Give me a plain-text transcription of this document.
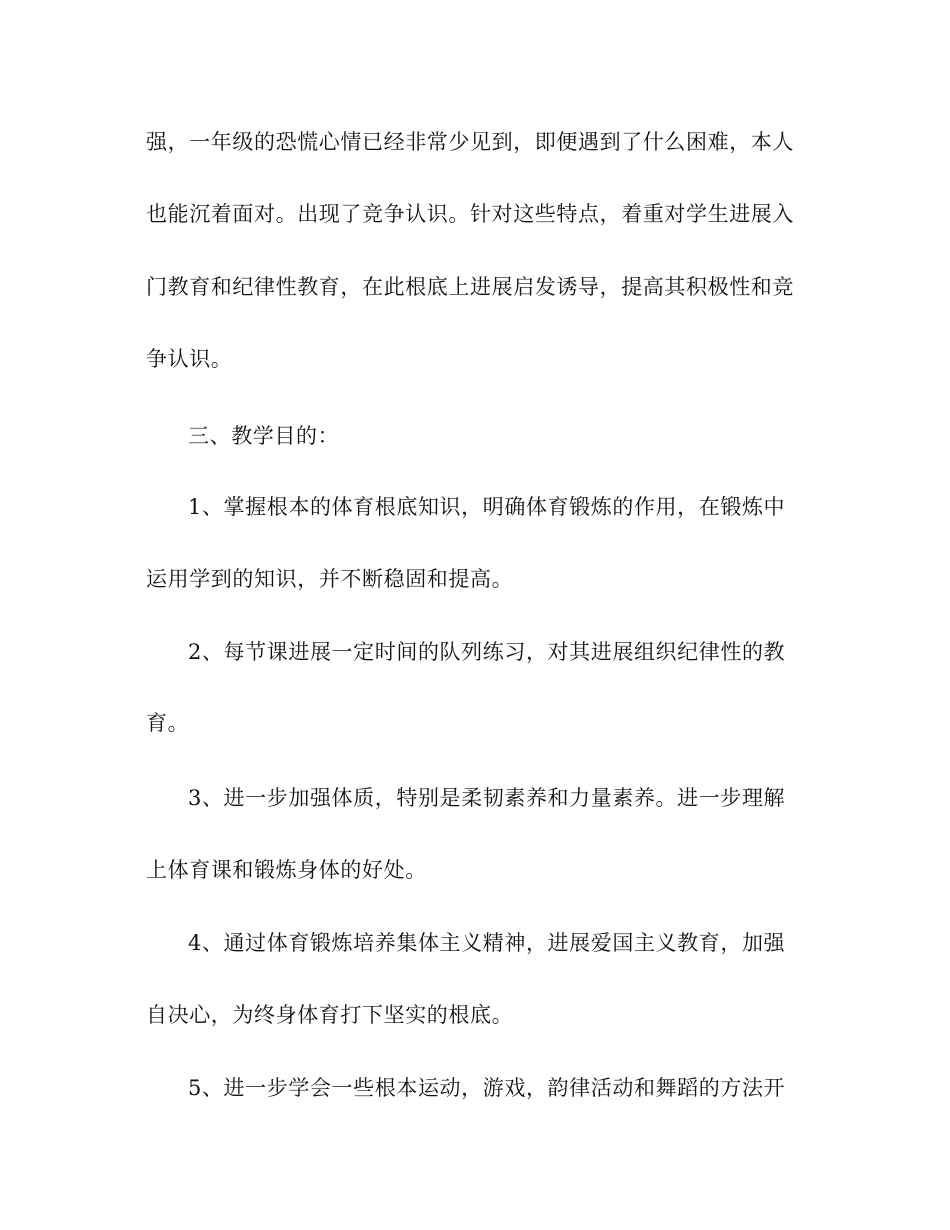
强，一年级的恐慌心情已经非常少见到，即便遇到了什么困难，本人
也能沉着面对。出现了竞争认识。针对这些特点，着重对学生进展入
门教育和纪律性教育，在此根底上进展启发诱导，提高其积极性和竞
争认识。
三、教学目的：
1、掌握根本的体育根底知识，明确体育锻炼的作用，在锻炼中
运用学到的知识，并不断稳固和提高。
2、每节课进展一定时间的队列练习，对其进展组织纪律性的教
育。
3、进一步加强体质，特别是柔韧素养和力量素养。进一步理解
上体育课和锻炼身体的好处。
4、通过体育锻炼培养集体主义精神，进展爱国主义教育，加强
自决心，为终身体育打下坚实的根底。
5、进一步学会一些根本运动，游戏，韵律活动和舞蹈的方法开
